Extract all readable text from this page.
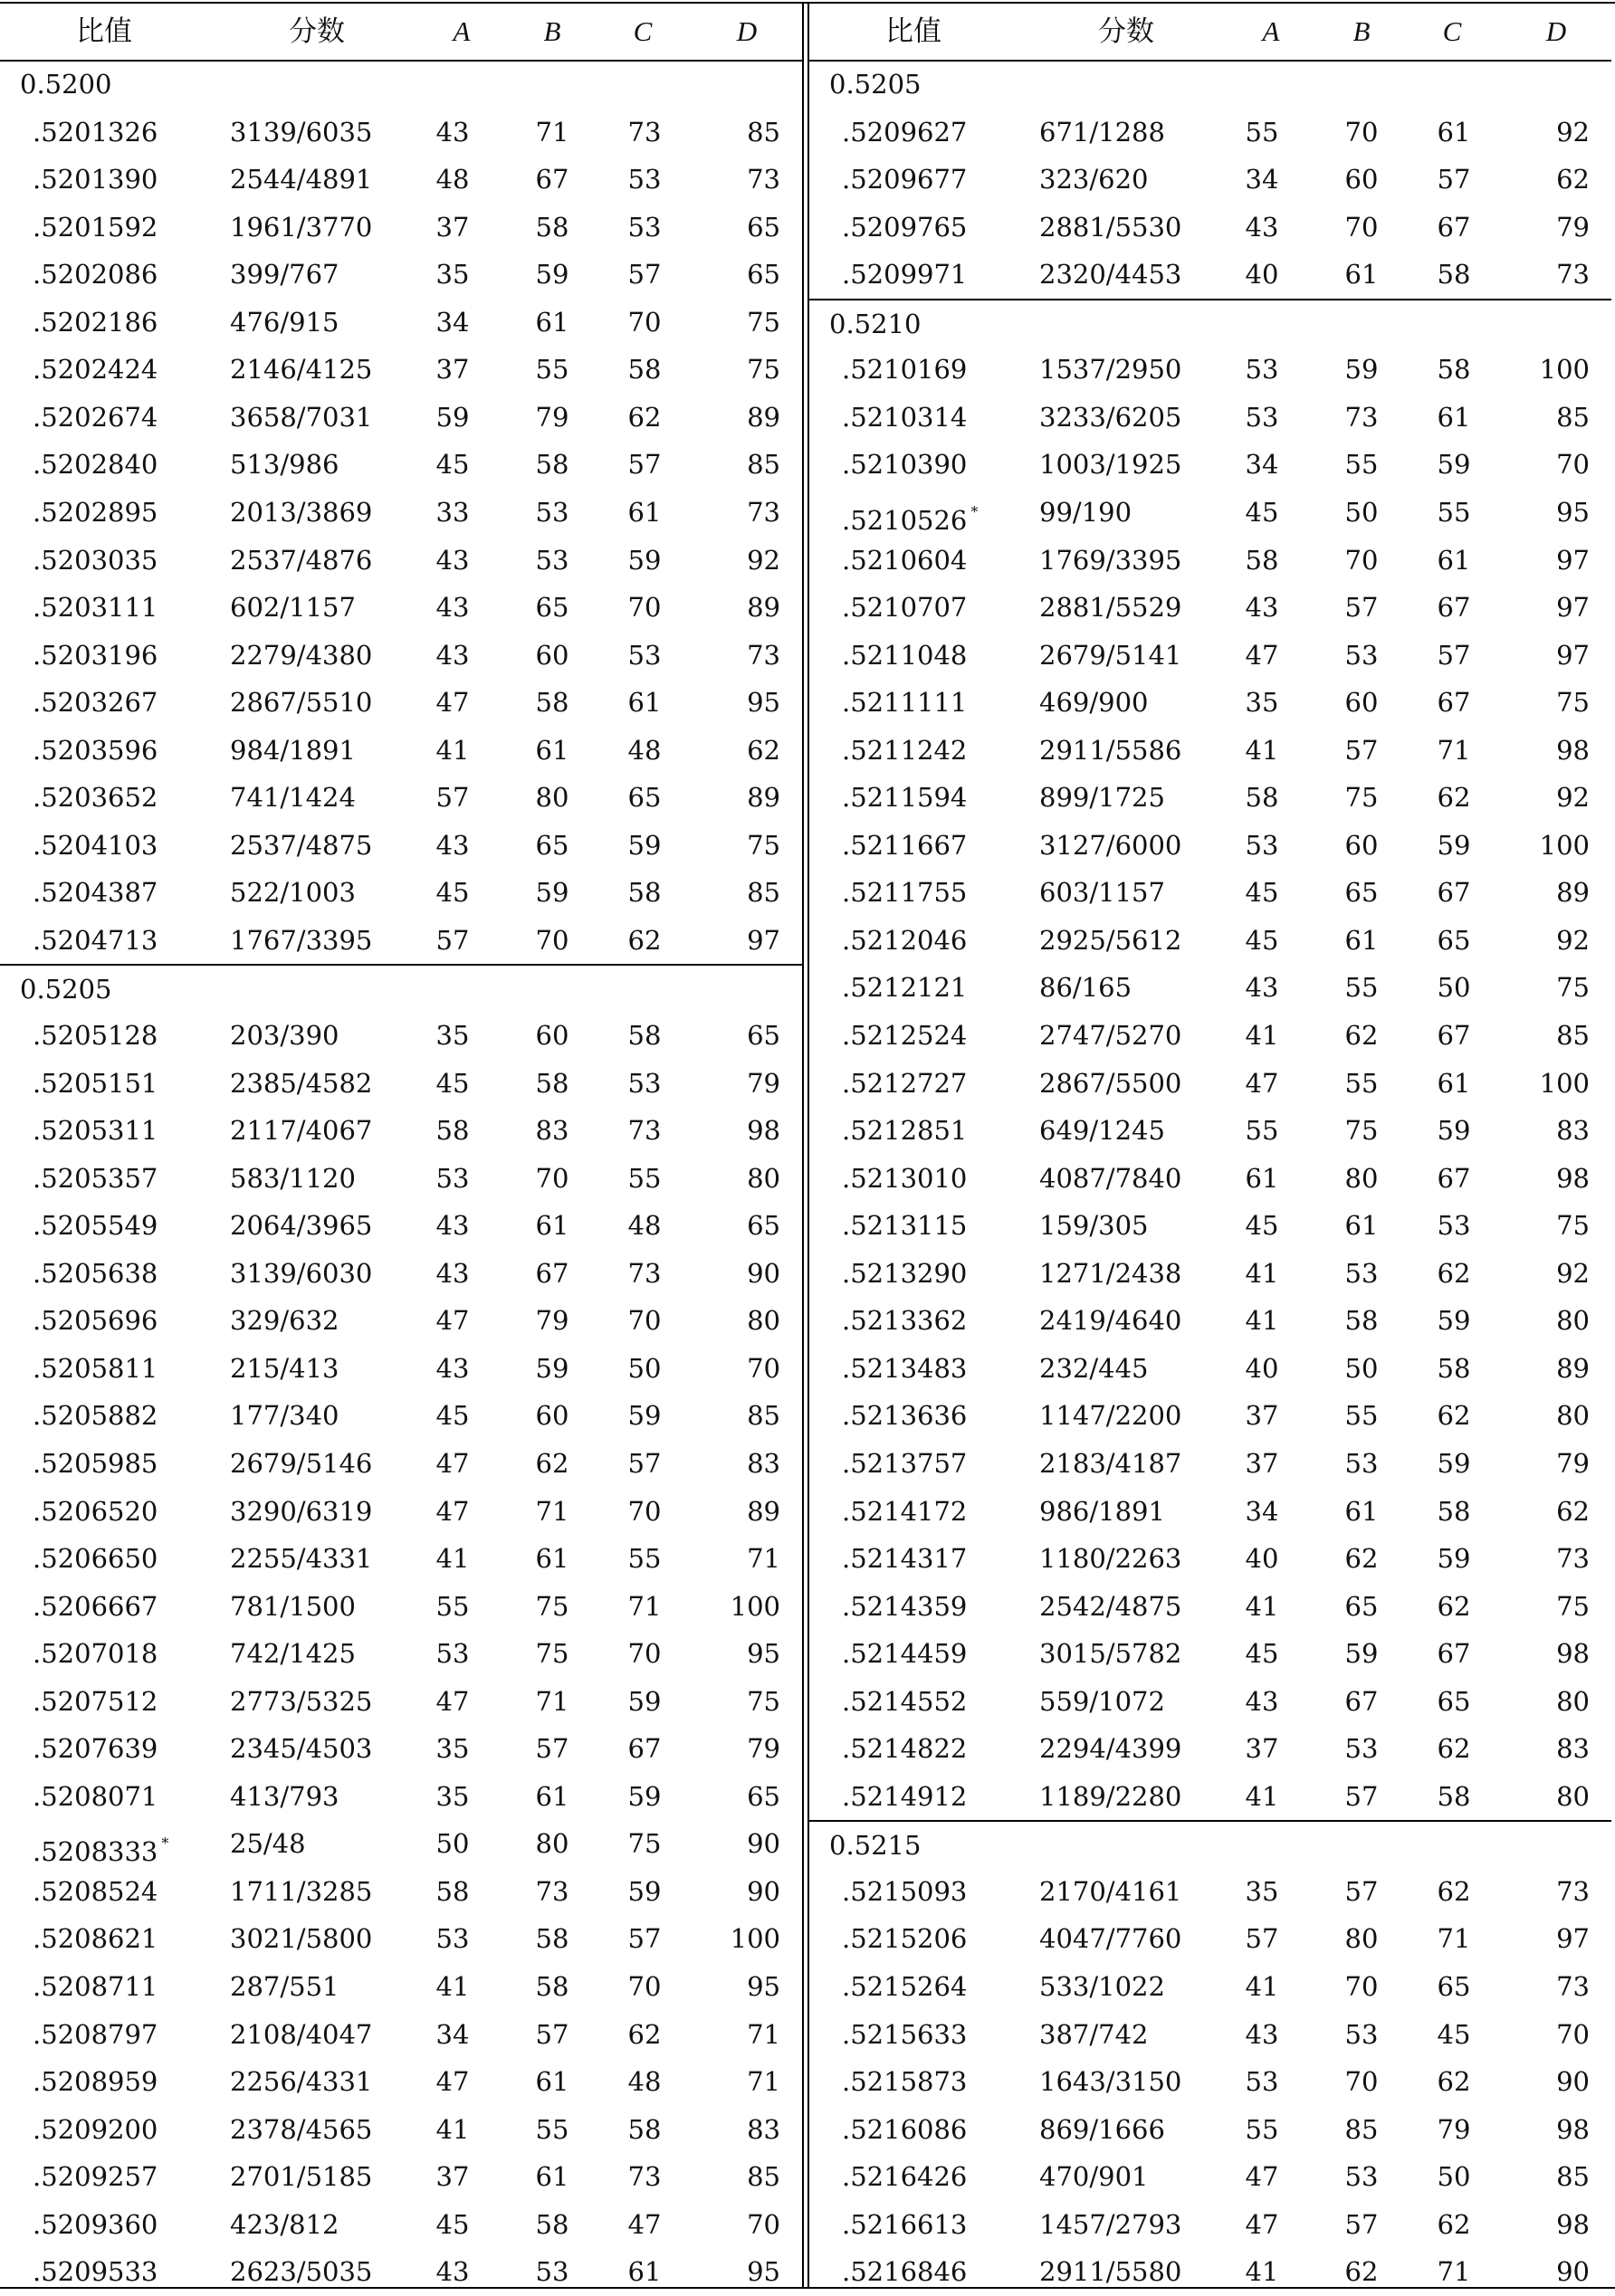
比值	分数	A	B	C	D
0.5200
.5201326	3139/6035	43	71	73	85
.5201390	2544/4891	48	67	53	73
.5201592	1961/3770	37	58	53	65
.5202086	399/767	35	59	57	65
.5202186	476/915	34	61	70	75
.5202424	2146/4125	37	55	58	75
.5202674	3658/7031	59	79	62	89
.5202840	513/986	45	58	57	85
.5202895	2013/3869	33	53	61	73
.5203035	2537/4876	43	53	59	92
.5203111	602/1157	43	65	70	89
.5203196	2279/4380	43	60	53	73
.5203267	2867/5510	47	58	61	95
.5203596	984/1891	41	61	48	62
.5203652	741/1424	57	80	65	89
.5204103	2537/4875	43	65	59	75
.5204387	522/1003	45	59	58	85
.5204713	1767/3395	57	70	62	97
0.5205
.5205128	203/390	35	60	58	65
.5205151	2385/4582	45	58	53	79
.5205311	2117/4067	58	83	73	98
.5205357	583/1120	53	70	55	80
.5205549	2064/3965	43	61	48	65
.5205638	3139/6030	43	67	73	90
.5205696	329/632	47	79	70	80
.5205811	215/413	43	59	50	70
.5205882	177/340	45	60	59	85
.5205985	2679/5146	47	62	57	83
.5206520	3290/6319	47	71	70	89
.5206650	2255/4331	41	61	55	71
.5206667	781/1500	55	75	71	100
.5207018	742/1425	53	75	70	95
.5207512	2773/5325	47	71	59	75
.5207639	2345/4503	35	57	67	79
.5208071	413/793	35	61	59	65
.5208333 * 25/48	50	80	75	90
.5208524	1711/3285	58	73	59	90
.5208621	3021/5800	53	58	57	100
.5208711	287/551	41	58	70	95
.5208797	2108/4047	34	57	62	71
.5208959	2256/4331	47	61	48	71
.5209200	2378/4565	41	55	58	83
.5209257	2701/5185	37	61	73	85
.5209360	423/812	45	58	47	70
.5209533	2623/5035	43	53	61	95
比值	分数	A	B	C	D
0.5205
.5209627	671/1288	55	70	61	92
.5209677	323/620	34	60	57	62
.5209765	2881/5530	43	70	67	79
.5209971	2320/4453	40	61	58	73
0.5210
.5210169	1537/2950	53	59	58	100
.5210314	3233/6205	53	73	61	85
.5210390	1003/1925	34	55	59	70
.5210526 * 99/190	45	50	55	95
.5210604	1769/3395	58	70	61	97
.5210707	2881/5529	43	57	67	97
.5211048	2679/5141	47	53	57	97
.5211111	469/900	35	60	67	75
.5211242	2911/5586	41	57	71	98
.5211594	899/1725	58	75	62	92
.5211667	3127/6000	53	60	59	100
.5211755	603/1157	45	65	67	89
.5212046	2925/5612	45	61	65	92
.5212121	86/165	43	55	50	75
.5212524	2747/5270	41	62	67	85
.5212727	2867/5500	47	55	61	100
.5212851	649/1245	55	75	59	83
.5213010	4087/7840	61	80	67	98
.5213115	159/305	45	61	53	75
.5213290	1271/2438	41	53	62	92
.5213362	2419/4640	41	58	59	80
.5213483	232/445	40	50	58	89
.5213636	1147/2200	37	55	62	80
.5213757	2183/4187	37	53	59	79
.5214172	986/1891	34	61	58	62
.5214317	1180/2263	40	62	59	73
.5214359	2542/4875	41	65	62	75
.5214459	3015/5782	45	59	67	98
.5214552	559/1072	43	67	65	80
.5214822	2294/4399	37	53	62	83
.5214912	1189/2280	41	57	58	80
0.5215
.5215093	2170/4161	35	57	62	73
.5215206	4047/7760	57	80	71	97
.5215264	533/1022	41	70	65	73
.5215633	387/742	43	53	45	70
.5215873	1643/3150	53	70	62	90
.5216086	869/1666	55	85	79	98
.5216426	470/901	47	53	50	85
.5216613	1457/2793	47	57	62	98
.5216846	2911/5580	41	62	71	90
